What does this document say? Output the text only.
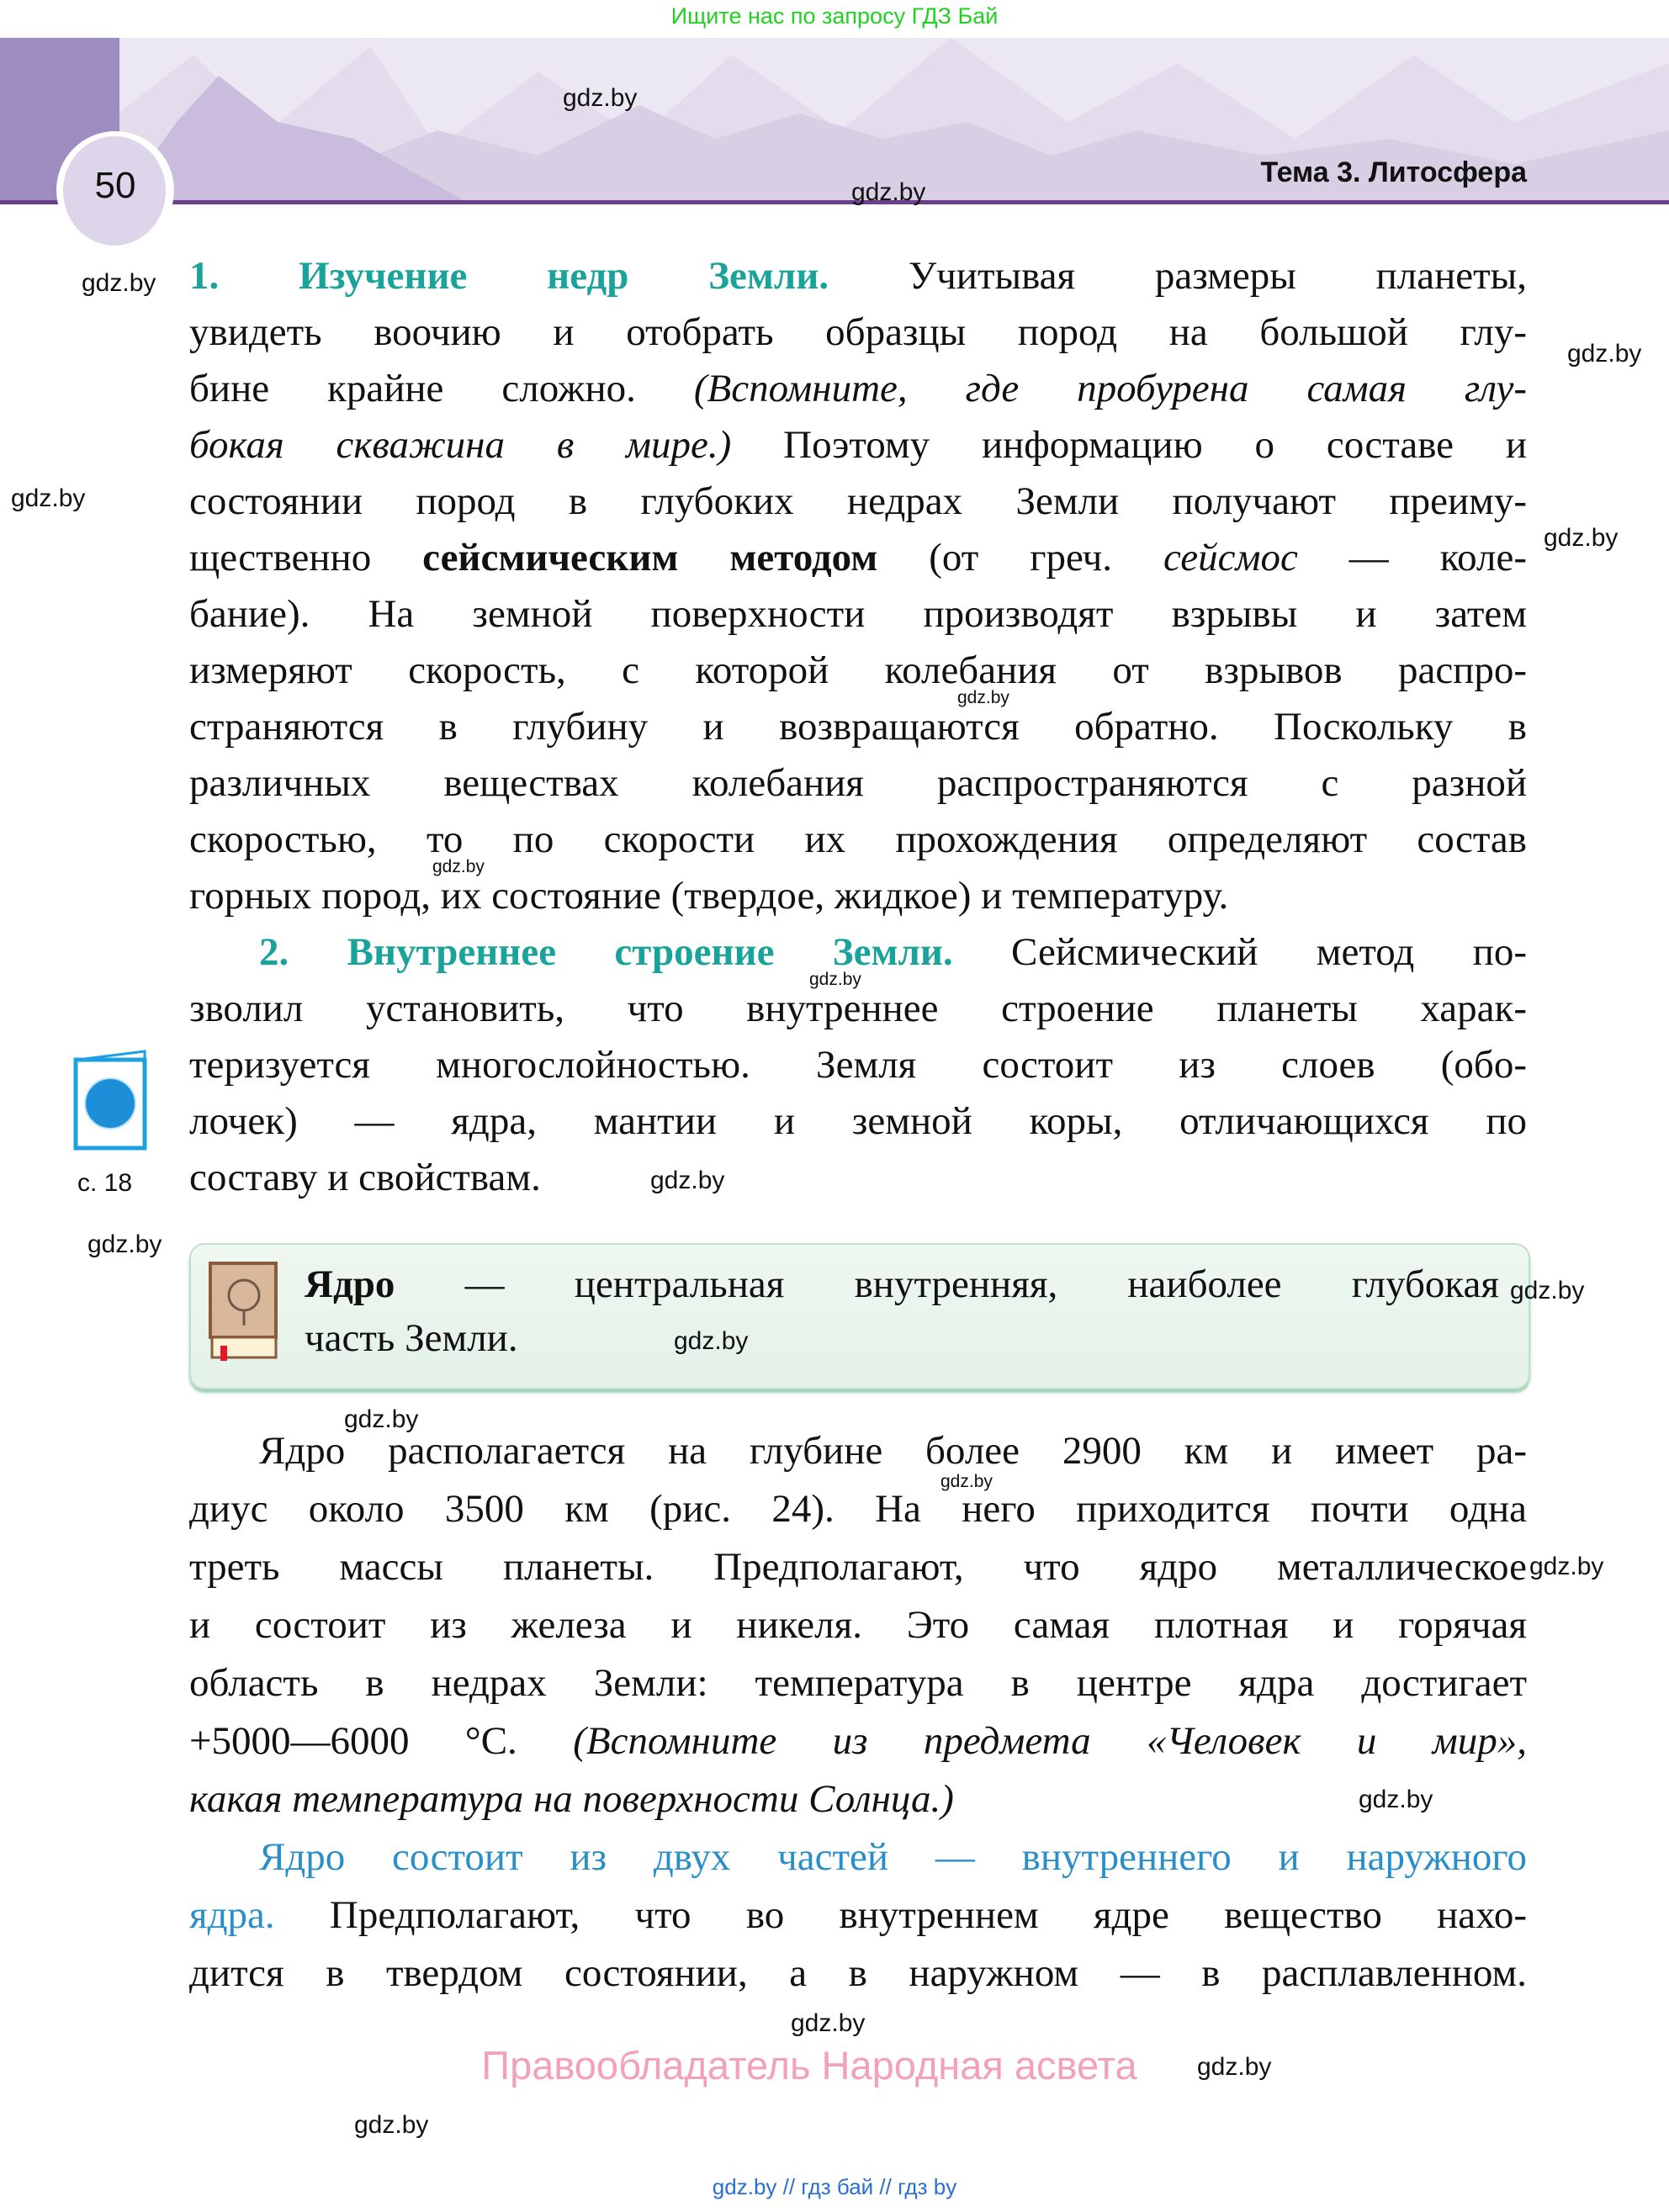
Ищите нас по запросу ГДЗ Бай
50	Тема 3. Литосфера
1. Изучение недр Земли. Учитывая размеры планеты,
увидеть воочию и отобрать образцы пород на большой глу-
бине крайне сложно. (Вспомните, где пробурена самая глу-
бокая скважина в мире.) Поэтому информацию о составе и
состоянии пород в глубоких недрах Земли получают преиму-
щественно сейсмическим методом (от греч. сейсмос — коле-
бание). На земной поверхности производят взрывы и затем
измеряют скорость, с которой колебания от взрывов распро-
страняются в глубину и возвращаются обратно. Поскольку в
различных веществах колебания распространяются с разной
скоростью, то по скорости их прохождения определяют состав
горных пород, их состояние (твердое, жидкое) и температуру.
2. Внутреннее строение Земли. Сейсмический метод по-
зволил установить, что внутреннее строение планеты харак-
теризуется многослойностью. Земля состоит из слоев (обо-
лочек) — ядра, мантии и земной коры, отличающихся по
составу и свойствам.
Ядро — центральная внутренняя, наиболее глубокая
часть Земли.
с. 18
gdz.by
gdz.by
gdz.by
gdz.by
gdz.by
gdz.by
gdz.by
gdz.by
gdz.by
gdz.by
gdz.by
gdz.by
gdz.by
gdz.by
gdz.by
gdz.by
gdz.by
gdz.by
gdz.by
gdz.by
Правообладатель Народная асвета
gdz.by // гдз бай // гдз by
Ядро располагается на глубине более 2900 км и имеет ра-
диус около 3500 км (рис. 24). На него приходится почти одна
треть массы планеты. Предполагают, что ядро металлическое
и состоит из железа и никеля. Это самая плотная и горячая
область в недрах Земли: температура в центре ядра достигает
+5000—6000 °C. (Вспомните из предмета «Человек и мир»,
какая температура на поверхности Солнца.)
Ядро состоит из двух частей — внутреннего и наружного
ядра. Предполагают, что во внутреннем ядре вещество нахо-
дится в твердом состоянии, а в наружном — в расплавленном.
